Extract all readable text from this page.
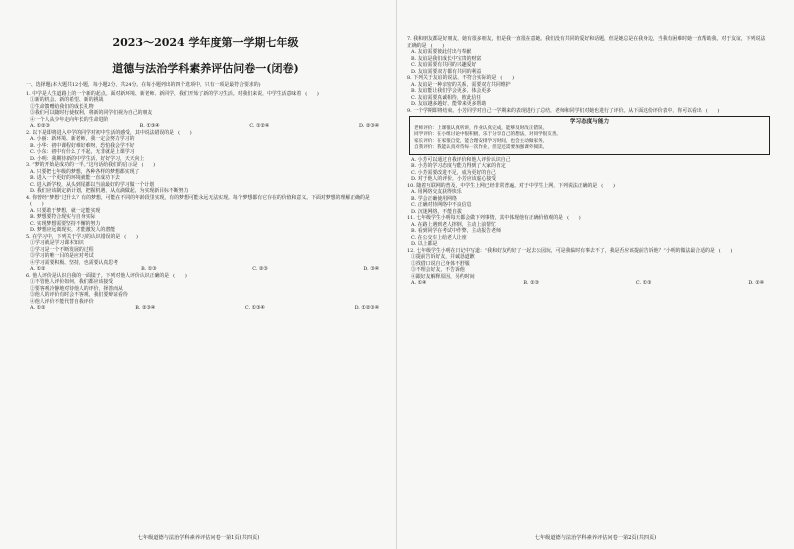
2023～2024 学年度第一学期七年级
道德与法治学科素养评估问卷一(闭卷)
一、选择题(本大题共12小题，每小题2分，共24分。在每小题列出的四个选项中，只有一项是最符合要求的)
1. 中学是人生道路上的一个新的起点。面对新环境、新老师、新同学，我们开始了新的学习生活。对我们来说，中学生活意味着 (　　)
①新的机会、新的希望、新的挑战
②生命馈赠给我们的成长礼物
③我们可以随时行使权利，将新的同学们视为自己的朋友
④一个人从少年走向年长的生命进阶
A. ①②③	B. ①③④	C. ①②④	D. ②③④
2. 以下是即将进入中学的同学对初中生活的感受，其中说法错误的是 (　　)
A. 小丽：新环境、新老师，我一定会努力学习的
B. 小华：初中课程好难好难呀，恐怕我会学不好
C. 小东：初中有什么了不起，无非就是上课学习
D. 小明：我期待新的中学生活，好好学习，天天向上
3. “梦的开始是成功的一半。”这句话给我们的启示是 (　　)
A. 只要把七年级的梦想，各种各样的梦想都实现了
B. 进入一个更好的环境就能一直成功下去
C. 进入新学校，从头到尾都以当前最好的学习做一个计划
D. 我们应该制定新计划，把握机遇，从点滴做起，为实现新目标不断努力
4. 你曾经“梦想”过什么？有的梦想，可能在不同的年龄段里实现，有的梦想可能永远无法实现。每个梦想都有它存在的价值和意义。下面对梦想的理解正确的是(　　)
A. 只要敢于梦想，就一定能实现
B. 梦想要符合现实与自身实际
C. 实现梦想需要坚持不懈的努力
D. 梦想应远离现实，才能激发人的潜能
5. 在学习中，下列关于学习的认识错误的是 (　　)
①学习就是学习课本知识
②学习是一个不断发展的过程
③学习的唯一目的是应对考试
④学习需要积极、坚持，也需要认真思考
A. ①②	B. ①③	C. ②③	D. ③④
6. 他人评价是认识自我的一面镜子。下列对他人评价认识正确的是 (　　)
①不管他人评价如何，我们都应该接受
②要客观冷静地对待他人的评价，择善而从
③他人的评价有时会不客观，我们要辩证看待
④他人评价不能代替自我评价
A. ①②	B. ②③④	C. ①③④	D. ①②③④
七年级道德与法治学科素养评估问卷一第1页(共四页)
7. 我和朋友都是好朋友，她有很多朋友，但是我一直很在意她。我们没有共同的爱好和话题，但是她总是在我身边，当我有困难时她一直帮助我。对于友谊，下列说法正确的是 (　　)
A. 友谊需要彼此付出与奉献
B. 友谊是我们成长中宝贵的财富
C. 友谊需要有共同的兴趣爱好
D. 友谊需要双方都有共同的利益
8. 下列关于友谊的说法，不符合实际的是 (　　)
A. 友谊是一种亲密的关系，需要双方共同维护
B. 友谊能让我们学会更多，体会更多
C. 友谊需要真诚相待，彼此信任
D. 友谊越多越好，能带来更多帮助
9. 一个学期即将结束。小芳同学对自己一学期来的表现进行了总结，老师和同学们对她也进行了评价。从下面这份评价表中，你可以看出 (　　)
学习态度与能力
老师评价：上课很认真听讲，作业认真完成，能够及时改正错误。
同学评价：在小组讨论中很积极，乐于分享自己的想法，对同学很友善。
家长评价：在家很自觉，能合理安排学习时间，也会主动做家务。
自我评价：我能认真对待每一次作业，但是还需要加强课外阅读。
A. 小芳可以通过自我评价和他人评价认识自己
B. 小芳的学习态度与能力得到了大家的肯定
C. 小芳需要改进不足，成为更好的自己
D. 对于他人的评价，小芳应该虚心接受
10. 随着互联网的普及，中学生上网已经非常普遍。对于中学生上网，下列说法正确的是 (　　)
A. 用网络交友获得快乐
B. 学会正确使用网络
C. 正确对待网络中不良信息
D. 沉迷网络，不能自拔
11. 七年级学生小明每天都会做下列事情，其中体现他有正确价值观的是 (　　)
A. 在路上遇到老人摔倒，主动上前帮忙
B. 看到同学在考试中作弊，主动报告老师
C. 在公交车上给老人让座
D. 以上都是
12. 七年级学生小明在日记中写道：“我和好友约好了一起去公园玩，可是我临时有事去不了，我是否应该提前告诉他？”小明的做法最合适的是 (　　)
①提前告诉好友，并诚恳道歉
②找借口说自己身体不舒服
③不理会好友，不告诉他
④跟好友解释原因，另约时间
A. ①④	B. ②③	C. ①③	D. ②④
七年级道德与法治学科素养评估问卷一第2页(共四页)
